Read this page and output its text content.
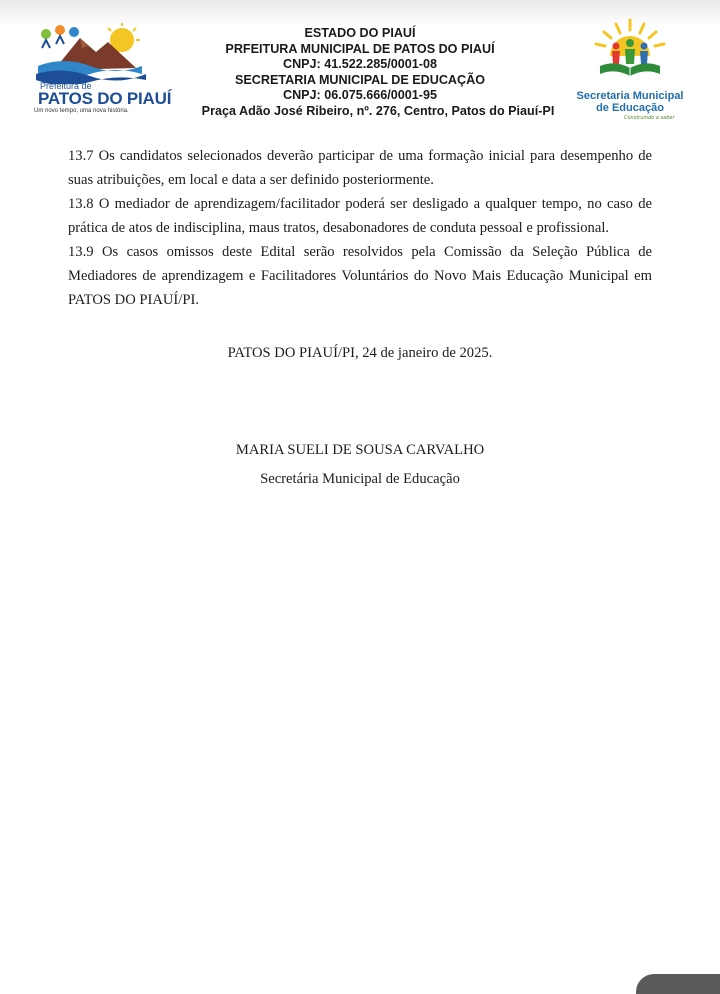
Prefeitura de
PATOS DO PIAUÍ
Um novo tempo, uma nova história.
ESTADO DO PIAUÍ
PRFEITURA MUNICIPAL DE PATOS DO PIAUÍ
CNPJ: 41.522.285/0001-08
SECRETARIA MUNICIPAL DE EDUCAÇÃO
CNPJ: 06.075.666/0001-95
Praça Adão José Ribeiro, nº. 276, Centro, Patos do Piauí-PI
Secretaria Municipal
de Educação
Construindo o saber

13.7 Os candidatos selecionados deverão participar de uma formação inicial para desempenho de suas atribuições, em local e data a ser definido posteriormente.

13.8 O mediador de aprendizagem/facilitador poderá ser desligado a qualquer tempo, no caso de prática de atos de indisciplina, maus tratos, desabonadores de conduta pessoal e profissional.

13.9 Os casos omissos deste Edital serão resolvidos pela Comissão da Seleção Pública de Mediadores de aprendizagem e Facilitadores Voluntários do Novo Mais Educação Municipal em PATOS DO PIAUÍ/PI.

PATOS DO PIAUÍ/PI, 24 de janeiro de 2025.
MARIA SUELI DE SOUSA CARVALHO
Secretária Municipal de Educação
